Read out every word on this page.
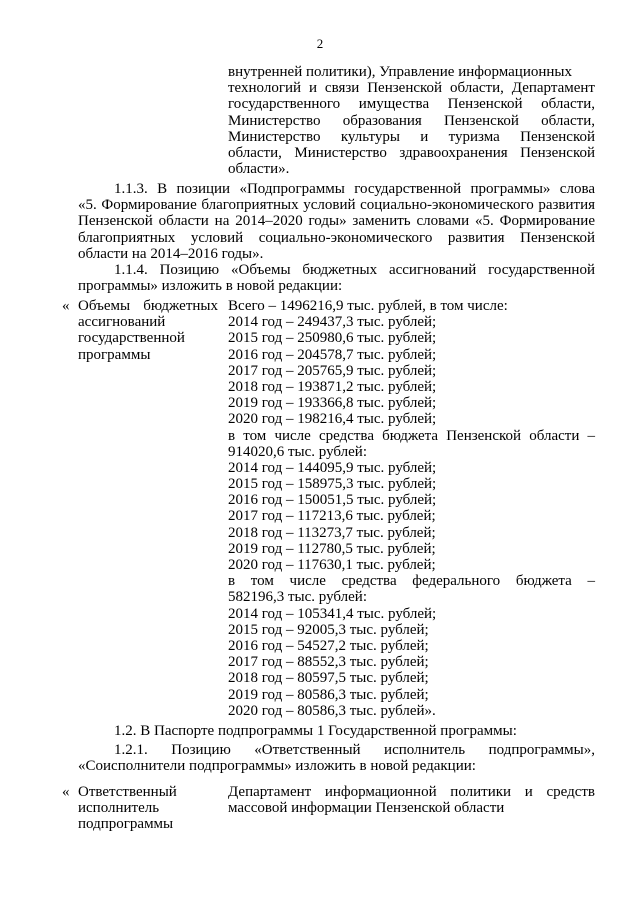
2
внутренней политики), Управление информационных
технологий и связи Пензенской области, Департамент
государственного имущества Пензенской области,
Министерство образования Пензенской области,
Министерство культуры и туризма Пензенской
области, Министерство здравоохранения Пензенской
области».
1.1.3. В позиции «Подпрограммы государственной программы» слова
«5. Формирование благоприятных условий социально-экономического развития
Пензенской области на 2014–2020 годы» заменить словами «5. Формирование
благоприятных условий социально-экономического развития Пензенской
области на 2014–2016 годы».
1.1.4. Позицию «Объемы бюджетных ассигнований государственной
программы» изложить в новой редакции:
« Объемы бюджетных
ассигнований
государственной
программы
Всего – 1496216,9 тыс. рублей, в том числе:
2014 год – 249437,3 тыс. рублей;
2015 год – 250980,6 тыс. рублей;
2016 год – 204578,7 тыс. рублей;
2017 год – 205765,9 тыс. рублей;
2018 год – 193871,2 тыс. рублей;
2019 год – 193366,8 тыс. рублей;
2020 год – 198216,4 тыс. рублей;
в том числе средства бюджета Пензенской области –
914020,6 тыс. рублей:
2014 год – 144095,9 тыс. рублей;
2015 год – 158975,3 тыс. рублей;
2016 год – 150051,5 тыс. рублей;
2017 год – 117213,6 тыс. рублей;
2018 год – 113273,7 тыс. рублей;
2019 год – 112780,5 тыс. рублей;
2020 год – 117630,1 тыс. рублей;
в том числе средства федерального бюджета –
582196,3 тыс. рублей:
2014 год – 105341,4 тыс. рублей;
2015 год – 92005,3 тыс. рублей;
2016 год – 54527,2 тыс. рублей;
2017 год – 88552,3 тыс. рублей;
2018 год – 80597,5 тыс. рублей;
2019 год – 80586,3 тыс. рублей;
2020 год – 80586,3 тыс. рублей».
1.2. В Паспорте подпрограммы 1 Государственной программы:
1.2.1. Позицию «Ответственный исполнитель подпрограммы»,
«Соисполнители подпрограммы» изложить в новой редакции:
« Ответственный
исполнитель
подпрограммы
Департамент информационной политики и средств
массовой информации Пензенской области
